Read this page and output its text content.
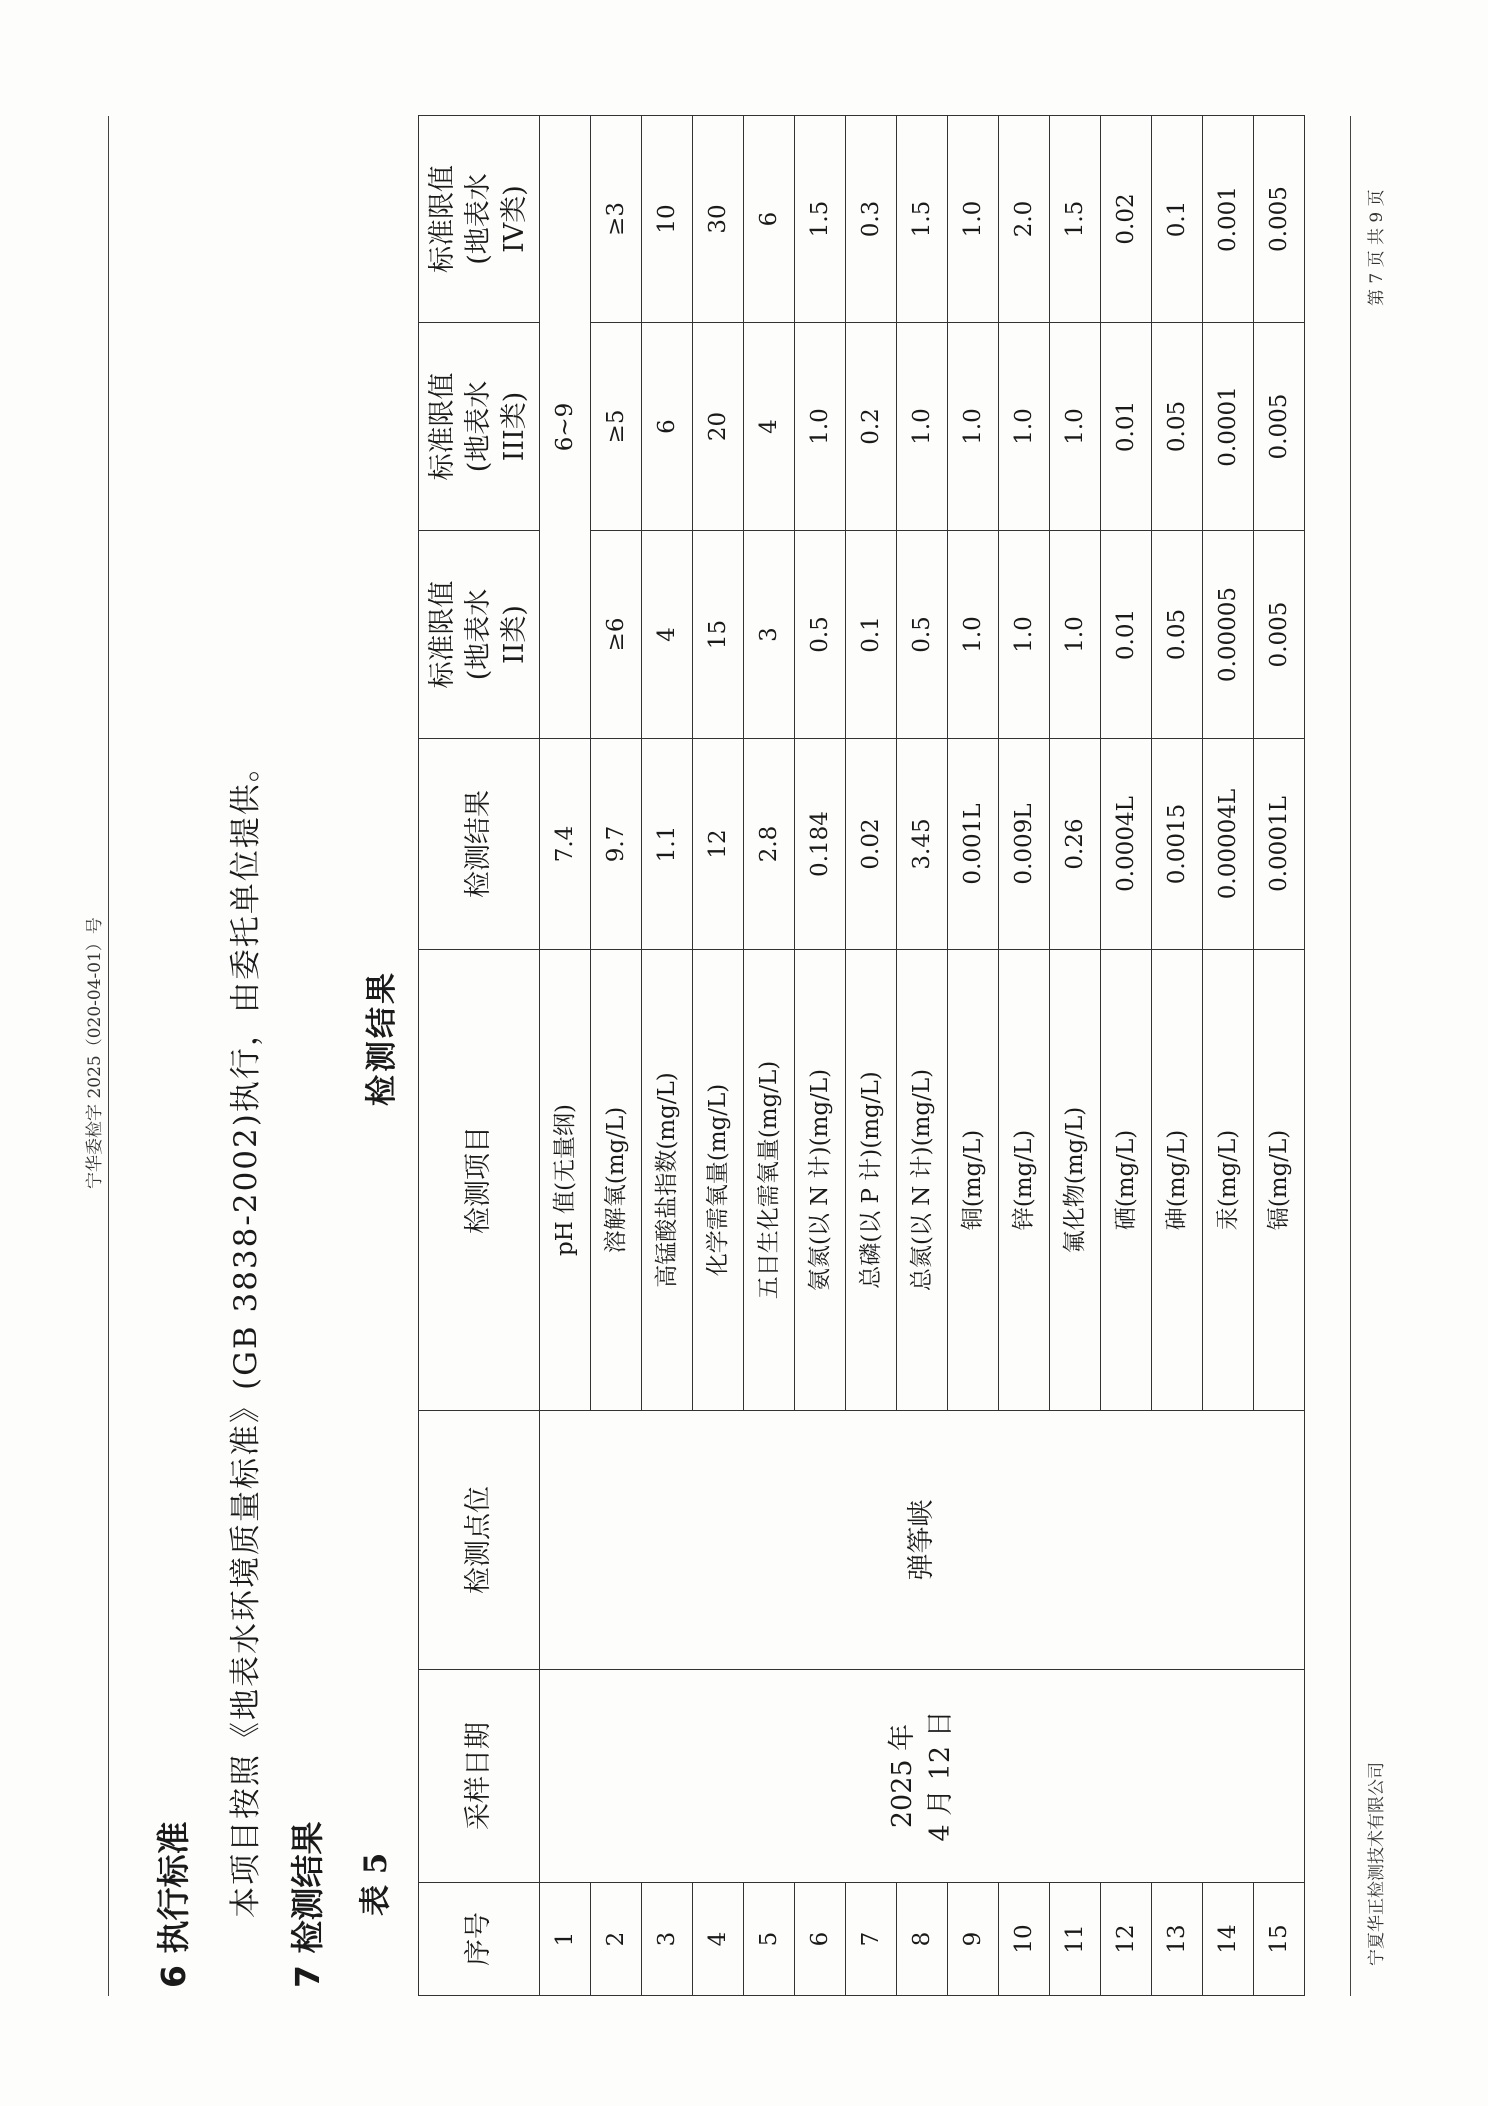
宁华委检字 2025（020-04-01）号
6 执行标准 本项目按照《地表水环境质量标准》(GB 3838-2002)执行，由委托单位提供。 7 检测结果 表 5
检测结果
序号	采样日期	检测点位	检测项目	检测结果	标准限值
(地表水
II类)	标准限值
(地表水
III类)	标准限值
(地表水
IV类)
1	2025 年
4 月 12 日	弹筝峡	pH 值(无量纲)	7.4	6~9		
2			溶解氧(mg/L)	9.7	≥6	≥5	≥3
3			高锰酸盐指数(mg/L)	1.1	4	6	10
4			化学需氧量(mg/L)	12	15	20	30
5			五日生化需氧量(mg/L)	2.8	3	4	6
6			氨氮(以 N 计)(mg/L)	0.184	0.5	1.0	1.5
7			总磷(以 P 计)(mg/L)	0.02	0.1	0.2	0.3
8			总氮(以 N 计)(mg/L)	3.45	0.5	1.0	1.5
9			铜(mg/L)	0.001L	1.0	1.0	1.0
10			锌(mg/L)	0.009L	1.0	1.0	2.0
11			氟化物(mg/L)	0.26	1.0	1.0	1.5
12			硒(mg/L)	0.0004L	0.01	0.01	0.02
13			砷(mg/L)	0.0015	0.05	0.05	0.1
14			汞(mg/L)	0.00004L	0.00005	0.0001	0.001
15			镉(mg/L)	0.0001L	0.005	0.005	0.005
宁夏华正检测技术有限公司
第 7 页 共 9 页
